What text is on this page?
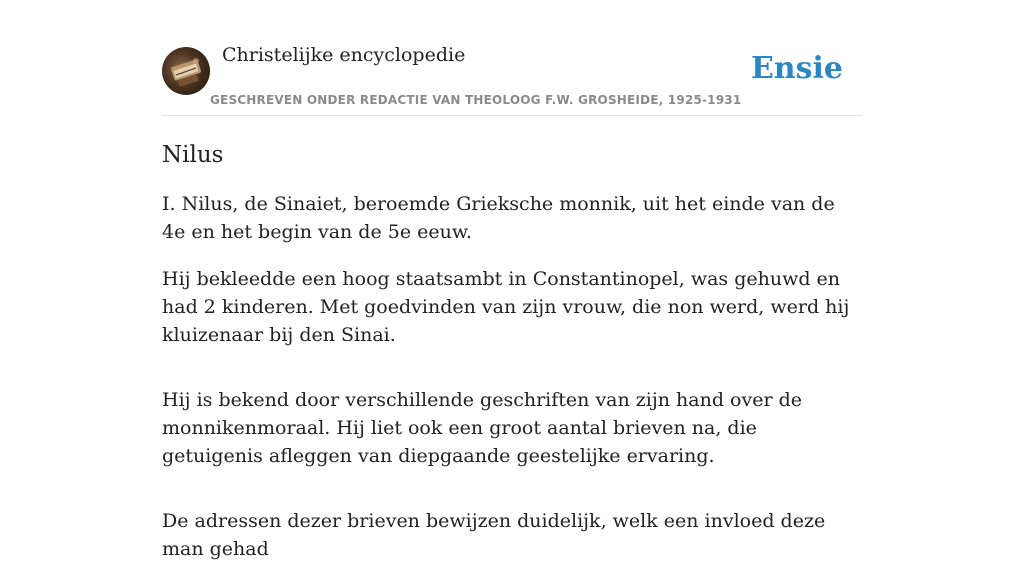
Christelijke encyclopedie

GESCHREVEN ONDER REDACTIE VAN THEOLOOG F.W. GROSHEIDE, 1925-1931

Ensie
Nilus

I. Nilus, de Sinaiet, beroemde Grieksche monnik, uit het einde van de 4e en het begin van de 5e eeuw.

Hij bekleedde een hoog staatsambt in Constantinopel, was gehuwd en had 2 kinderen. Met goedvinden van zijn vrouw, die non werd, werd hij kluizenaar bij den Sinai.

Hij is bekend door verschillende geschriften van zijn hand over de monnikenmoraal. Hij liet ook een groot aantal brieven na, die getuigenis afleggen van diepgaande geestelijke ervaring.

De adressen dezer brieven bewijzen duidelijk, welk een invloed deze man gehad
